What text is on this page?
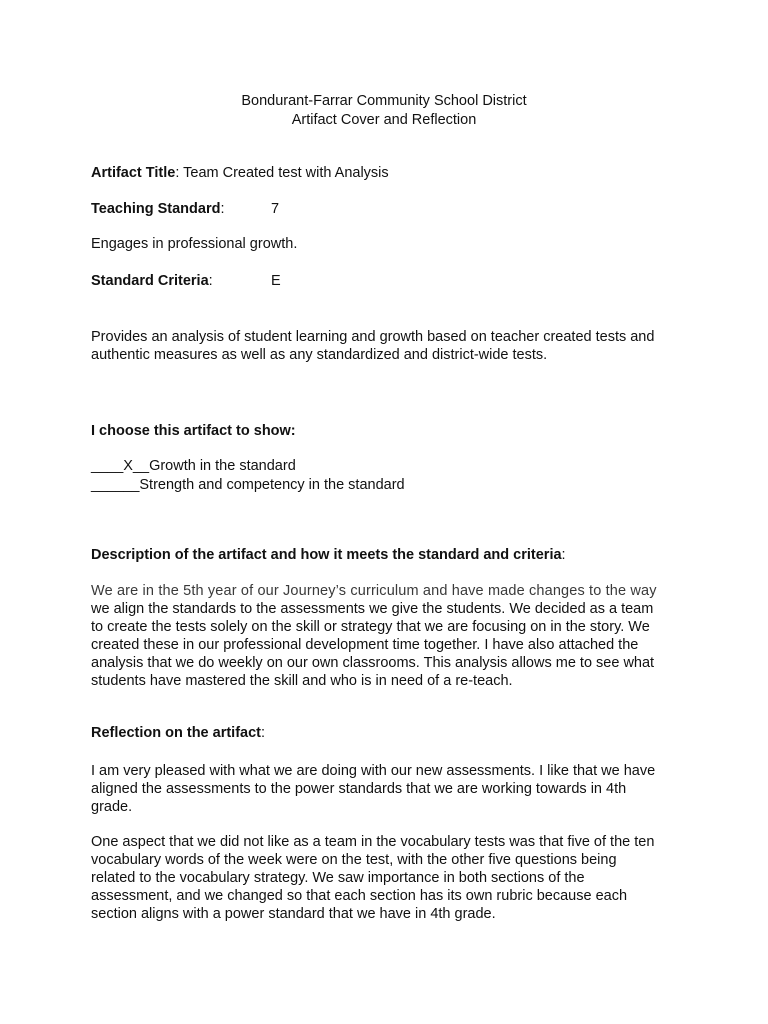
Bondurant-Farrar Community School District
Artifact Cover and Reflection
Artifact Title: Team Created test with Analysis
Teaching Standard:	7
Engages in professional growth.
Standard Criteria:	E
Provides an analysis of student learning and growth based on teacher created tests and
authentic measures as well as any standardized and district-wide tests.
I choose this artifact to show:
____X__Growth in the standard
______Strength and competency in the standard
Description of the artifact and how it meets the standard and criteria:
We are in the 5th year of our Journey’s curriculum and have made changes to the way
we align the standards to the assessments we give the students. We decided as a team
to create the tests solely on the skill or strategy that we are focusing on in the story. We
created these in our professional development time together. I have also attached the
analysis that we do weekly on our own classrooms. This analysis allows me to see what
students have mastered the skill and who is in need of a re-teach.
Reflection on the artifact:
I am very pleased with what we are doing with our new assessments. I like that we have
aligned the assessments to the power standards that we are working towards in 4th
grade.
One aspect that we did not like as a team in the vocabulary tests was that five of the ten
vocabulary words of the week were on the test, with the other five questions being
related to the vocabulary strategy. We saw importance in both sections of the
assessment, and we changed so that each section has its own rubric because each
section aligns with a power standard that we have in 4th grade.
